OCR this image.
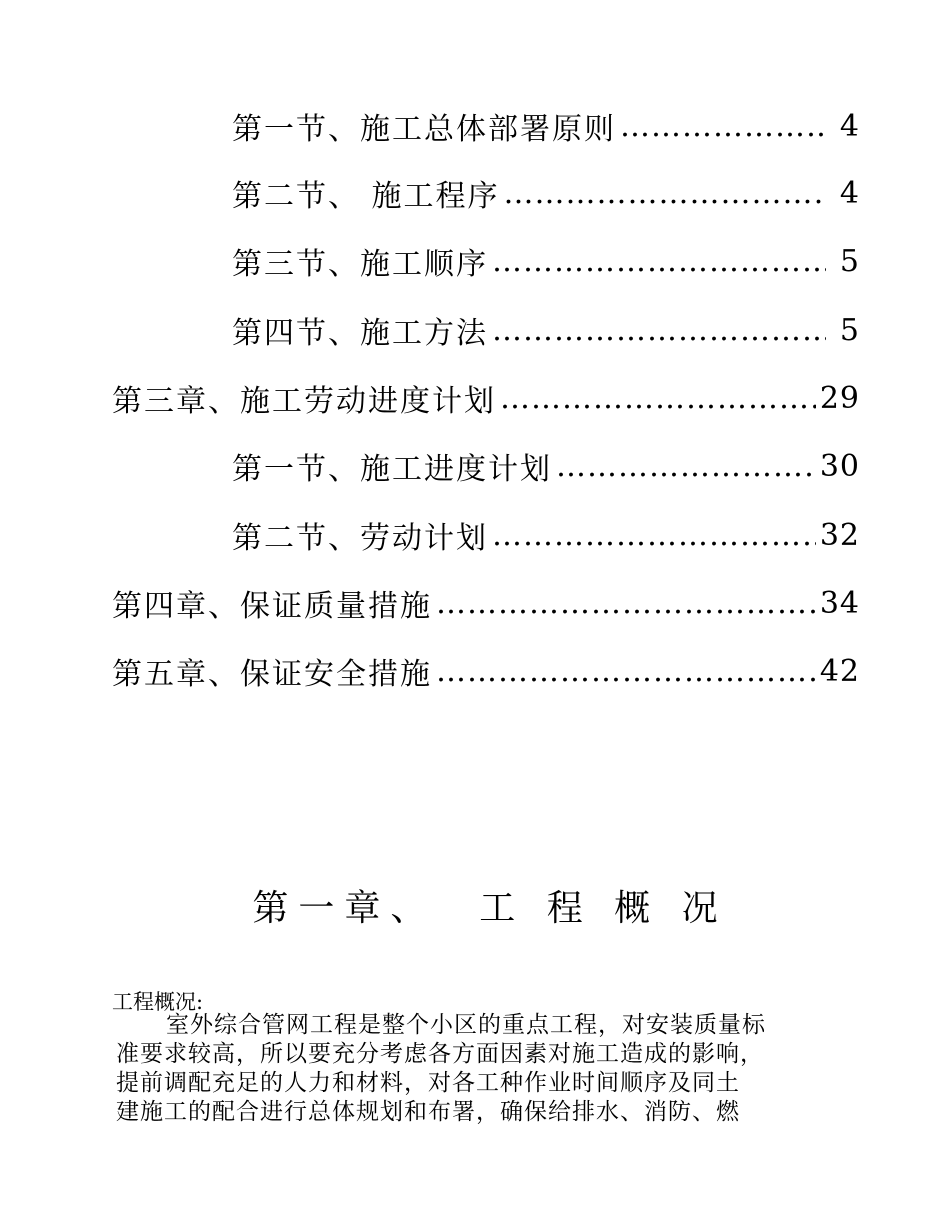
第一节、施工总体部署原则 ……………………………………………………………………………………………………………………	4
第二节、 施工程序 ……………………………………………………………………………………………………………………	4
第三节、施工顺序 ……………………………………………………………………………………………………………………	5
第四节、施工方法 ……………………………………………………………………………………………………………………	5
第三章、施工劳动进度计划 ……………………………………………………………………………………………………………………	29
第一节、施工进度计划 ……………………………………………………………………………………………………………………	30
第二节、劳动计划 ……………………………………………………………………………………………………………………	32
第四章、保证质量措施 ……………………………………………………………………………………………………………………	34
第五章、保证安全措施 ……………………………………………………………………………………………………………………	42
第一章、  工 程 概 况
工程概况:
室外综合管网工程是整个小区的重点工程，对安装质量标
准要求较高，所以要充分考虑各方面因素对施工造成的影响，
提前调配充足的人力和材料，对各工种作业时间顺序及同土
建施工的配合进行总体规划和布署，确保给排水、消防、燃
